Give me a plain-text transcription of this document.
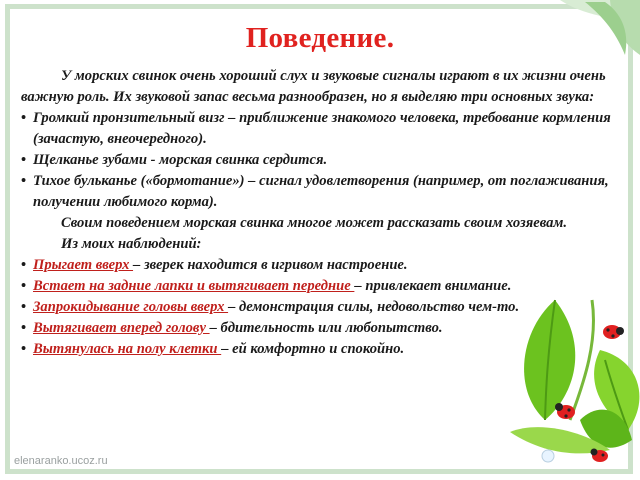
Поведение.

У морских свинок очень хороший слух и звуковые сигналы играют в их жизни очень важную роль. Их звуковой запас весьма разнообразен, но я выделяю три основных звука:

• Громкий пронзительный визг – приближение знакомого человека, требование кормления (зачастую, внеочередного).

• Щелканье зубами - морская свинка сердится.

• Тихое бульканье («бормотание») – сигнал удовлетворения (например, от поглаживания, получении любимого корма).

Своим поведением морская свинка многое может рассказать своим хозяевам.

Из моих наблюдений:

• Прыгает вверх – зверек находится в игривом настроение.

• Встает на задние лапки и вытягивает передние – привлекает внимание.

• Запрокидывание головы вверх – демонстрация силы, недовольство чем-то.

• Вытягивает вперед голову – бдительность или любопытство.

• Вытянулась на полу клетки – ей комфортно и спокойно.

elenaranko.ucoz.ru
